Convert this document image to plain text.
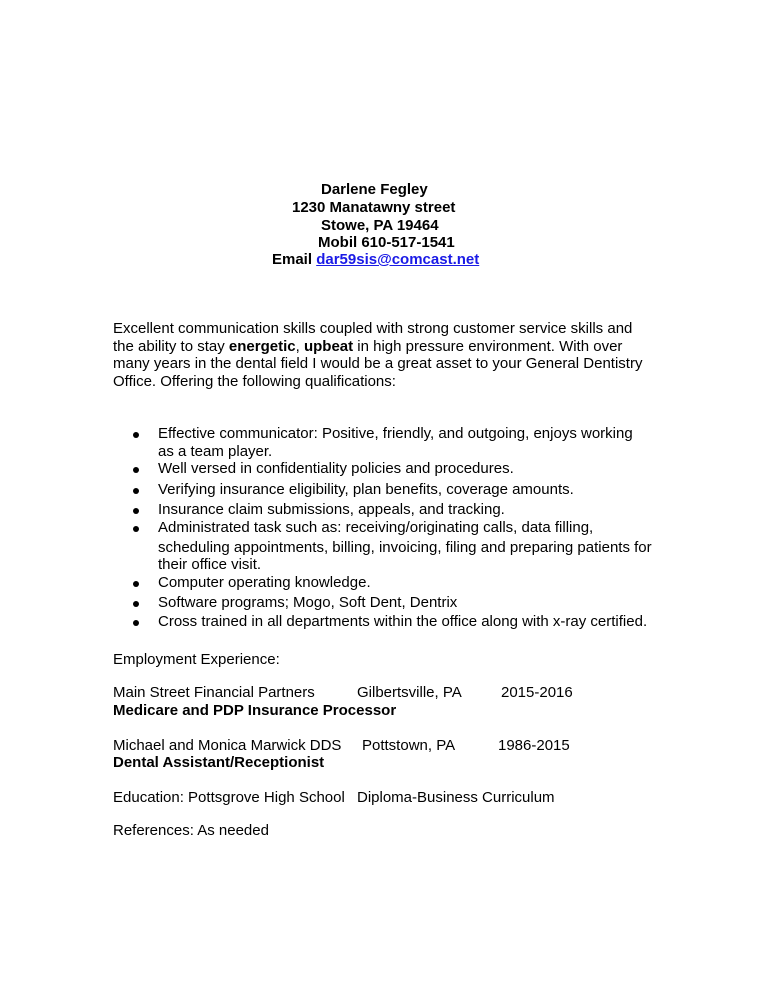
Darlene Fegley
1230 Manatawny street
Stowe, PA 19464
Mobil 610-517-1541
Email dar59sis@comcast.net
Excellent communication skills coupled with strong customer service skills and
the ability to stay energetic, upbeat in high pressure environment. With over
many years in the dental field I would be a great asset to your General Dentistry
Office. Offering the following qualifications:
Effective communicator: Positive, friendly, and outgoing, enjoys working
as a team player.
Well versed in confidentiality policies and procedures.
Verifying insurance eligibility, plan benefits, coverage amounts.
Insurance claim submissions, appeals, and tracking.
Administrated task such as: receiving/originating calls, data filling,
scheduling appointments, billing, invoicing, filing and preparing patients for
their office visit.
Computer operating knowledge.
Software programs; Mogo, Soft Dent, Dentrix
Cross trained in all departments within the office along with x-ray certified.
Employment Experience:
Main Street Financial Partners	Gilbertsville, PA	2015-2016
Medicare and PDP Insurance Processor
Michael and Monica Marwick DDS Pottstown, PA	1986-2015
Dental Assistant/Receptionist
Education: Pottsgrove High School Diploma-Business Curriculum
References: As needed
